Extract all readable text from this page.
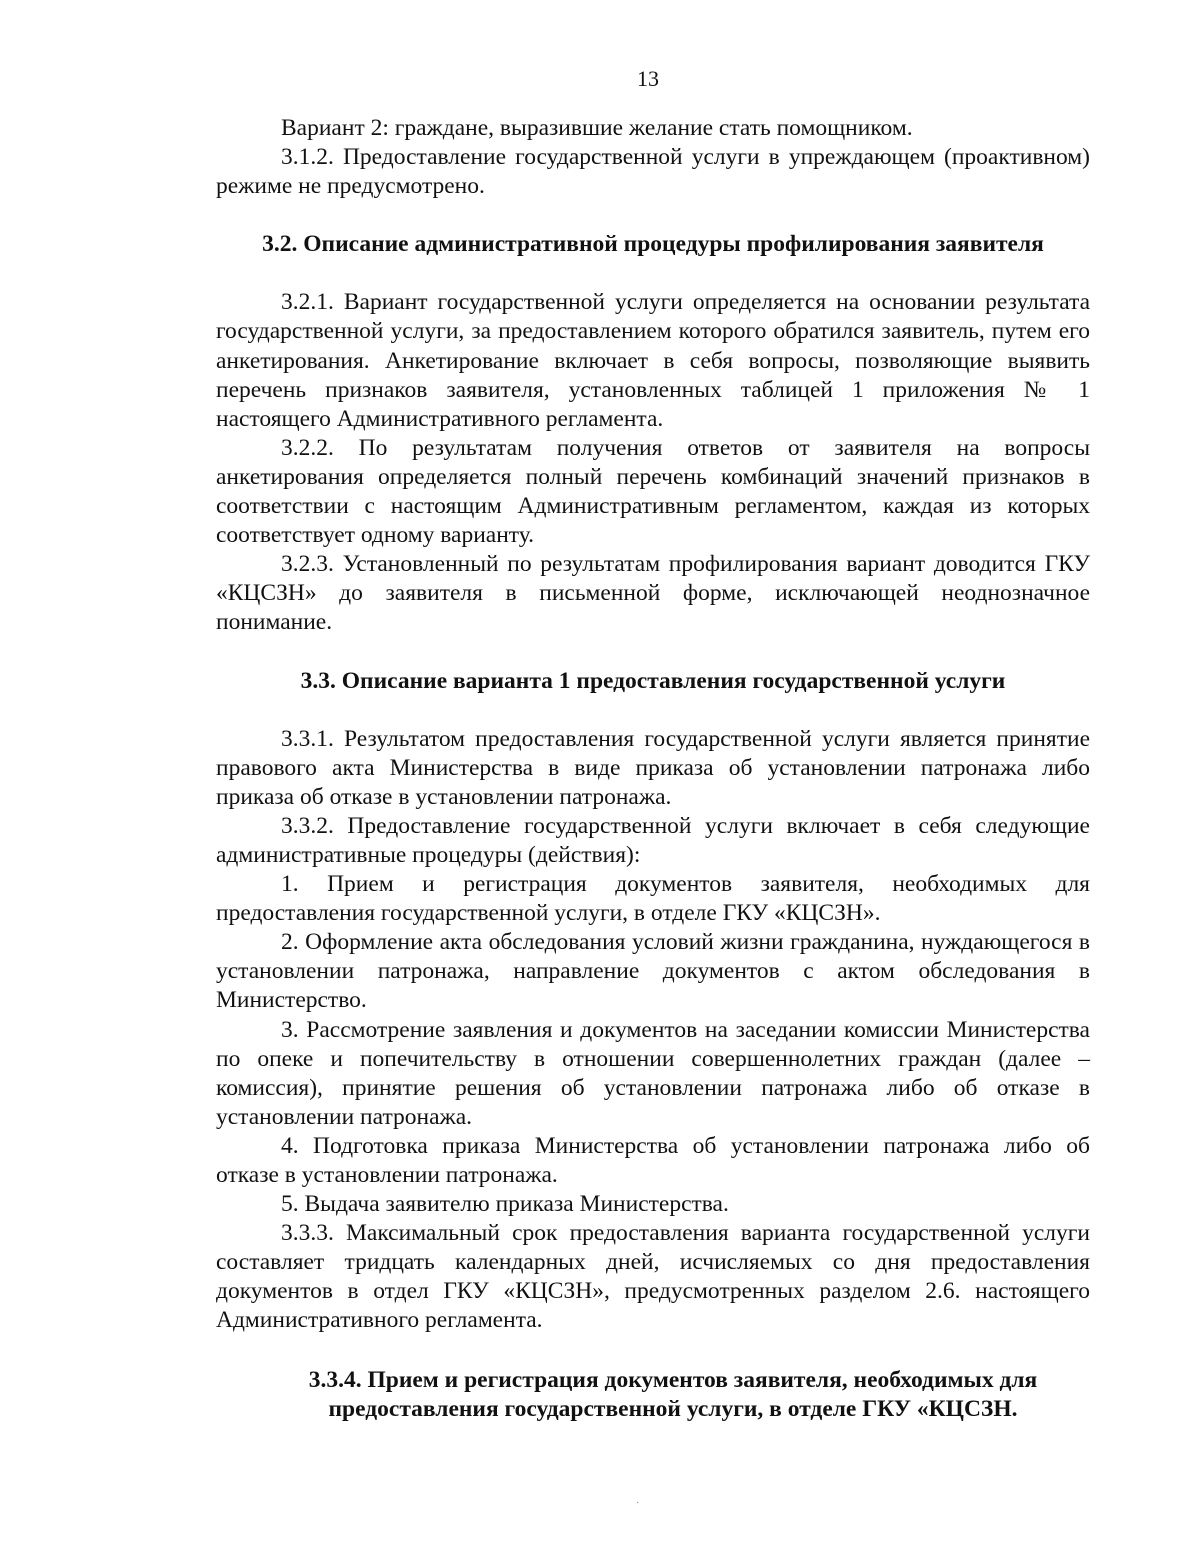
13

Вариант 2: граждане, выразившие желание стать помощником.

3.1.2. Предоставление государственной услуги в упреждающем (проактивном) режиме не предусмотрено.

3.2. Описание административной процедуры профилирования заявителя

3.2.1. Вариант государственной услуги определяется на основании результата государственной услуги, за предоставлением которого обратился заявитель, путем его анкетирования. Анкетирование включает в себя вопросы, позволяющие выявить перечень признаков заявителя, установленных таблицей 1 приложения № 1 настоящего Административного регламента.

3.2.2. По результатам получения ответов от заявителя на вопросы анкетирования определяется полный перечень комбинаций значений признаков в соответствии с настоящим Административным регламентом, каждая из которых соответствует одному варианту.

3.2.3. Установленный по результатам профилирования вариант доводится ГКУ «КЦСЗН» до заявителя в письменной форме, исключающей неоднозначное понимание.

3.3. Описание варианта 1 предоставления государственной услуги

3.3.1. Результатом предоставления государственной услуги является принятие правового акта Министерства в виде приказа об установлении патронажа либо приказа об отказе в установлении патронажа.

3.3.2. Предоставление государственной услуги включает в себя следующие административные процедуры (действия):

1. Прием и регистрация документов заявителя, необходимых для предоставления государственной услуги, в отделе ГКУ «КЦСЗН».

2. Оформление акта обследования условий жизни гражданина, нуждающегося в установлении патронажа, направление документов с актом обследования в Министерство.

3. Рассмотрение заявления и документов на заседании комиссии Министерства по опеке и попечительству в отношении совершеннолетних граждан (далее – комиссия), принятие решения об установлении патронажа либо об отказе в установлении патронажа.

4. Подготовка приказа Министерства об установлении патронажа либо об отказе в установлении патронажа.

5. Выдача заявителю приказа Министерства.

3.3.3. Максимальный срок предоставления варианта государственной услуги составляет тридцать календарных дней, исчисляемых со дня предоставления документов в отдел ГКУ «КЦСЗН», предусмотренных разделом 2.6. настоящего Административного регламента.

3.3.4. Прием и регистрация документов заявителя, необходимых для предоставления государственной услуги, в отделе ГКУ «КЦСЗН.

·
